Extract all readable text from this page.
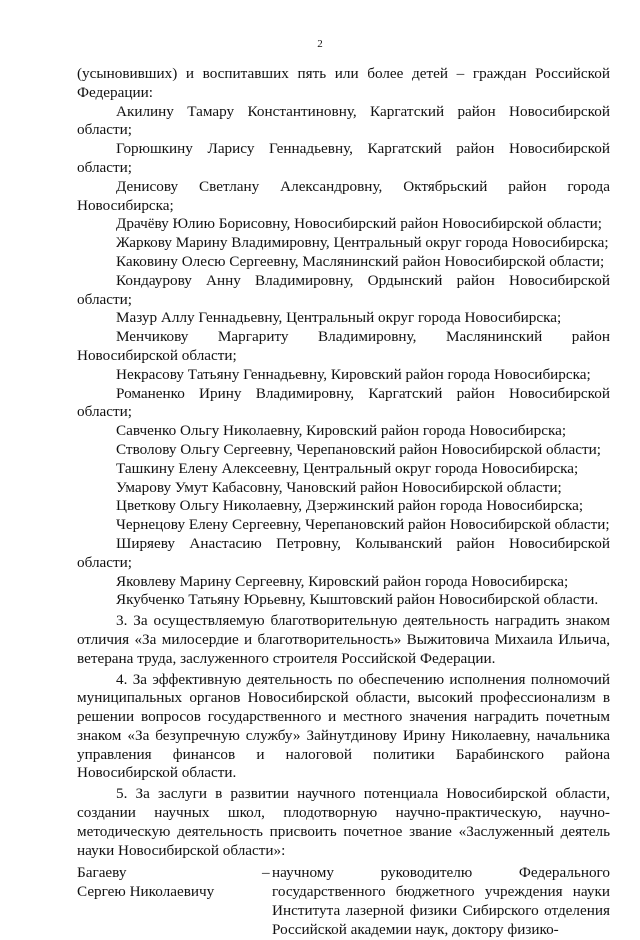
2

(усыновивших) и воспитавших пять или более детей – граждан Российской Федерации:

Акилину Тамару Константиновну, Каргатский район Новосибирской области;

Горюшкину Ларису Геннадьевну, Каргатский район Новосибирской области;

Денисову Светлану Александровну, Октябрьский район города Новосибирска;

Драчёву Юлию Борисовну, Новосибирский район Новосибирской области;

Жаркову Марину Владимировну, Центральный округ города Новосибирска;

Каковину Олесю Сергеевну, Маслянинский район Новосибирской области;

Кондаурову Анну Владимировну, Ордынский район Новосибирской области;

Мазур Аллу Геннадьевну, Центральный округ города Новосибирска;

Менчикову Маргариту Владимировну, Маслянинский район Новосибирской области;

Некрасову Татьяну Геннадьевну, Кировский район города Новосибирска;

Романенко Ирину Владимировну, Каргатский район Новосибирской области;

Савченко Ольгу Николаевну, Кировский район города Новосибирска;

Стволову Ольгу Сергеевну, Черепановский район Новосибирской области;

Ташкину Елену Алексеевну, Центральный округ города Новосибирска;

Умарову Умут Кабасовну, Чановский район Новосибирской области;

Цветкову Ольгу Николаевну, Дзержинский район города Новосибирска;

Чернецову Елену Сергеевну, Черепановский район Новосибирской области;

Ширяеву Анастасию Петровну, Колыванский район Новосибирской области;

Яковлеву Марину Сергеевну, Кировский район города Новосибирска;

Якубченко Татьяну Юрьевну, Кыштовский район Новосибирской области.

3. За осуществляемую благотворительную деятельность наградить знаком отличия «За милосердие и благотворительность» Выжитовича Михаила Ильича, ветерана труда, заслуженного строителя Российской Федерации.

4. За эффективную деятельность по обеспечению исполнения полномочий муниципальных органов Новосибирской области, высокий профессионализм в решении вопросов государственного и местного значения наградить почетным знаком «За безупречную службу» Зайнутдинову Ирину Николаевну, начальника управления финансов и налоговой политики Барабинского района Новосибирской области.

5. За заслуги в развитии научного потенциала Новосибирской области, создании научных школ, плодотворную научно-практическую, научно-методическую деятельность присвоить почетное звание «Заслуженный деятель науки Новосибирской области»:

Багаеву
Сергею Николаевичу
– научному руководителю Федерального государственного бюджетного учреждения науки Института лазерной физики Сибирского отделения Российской академии наук, доктору физико-
